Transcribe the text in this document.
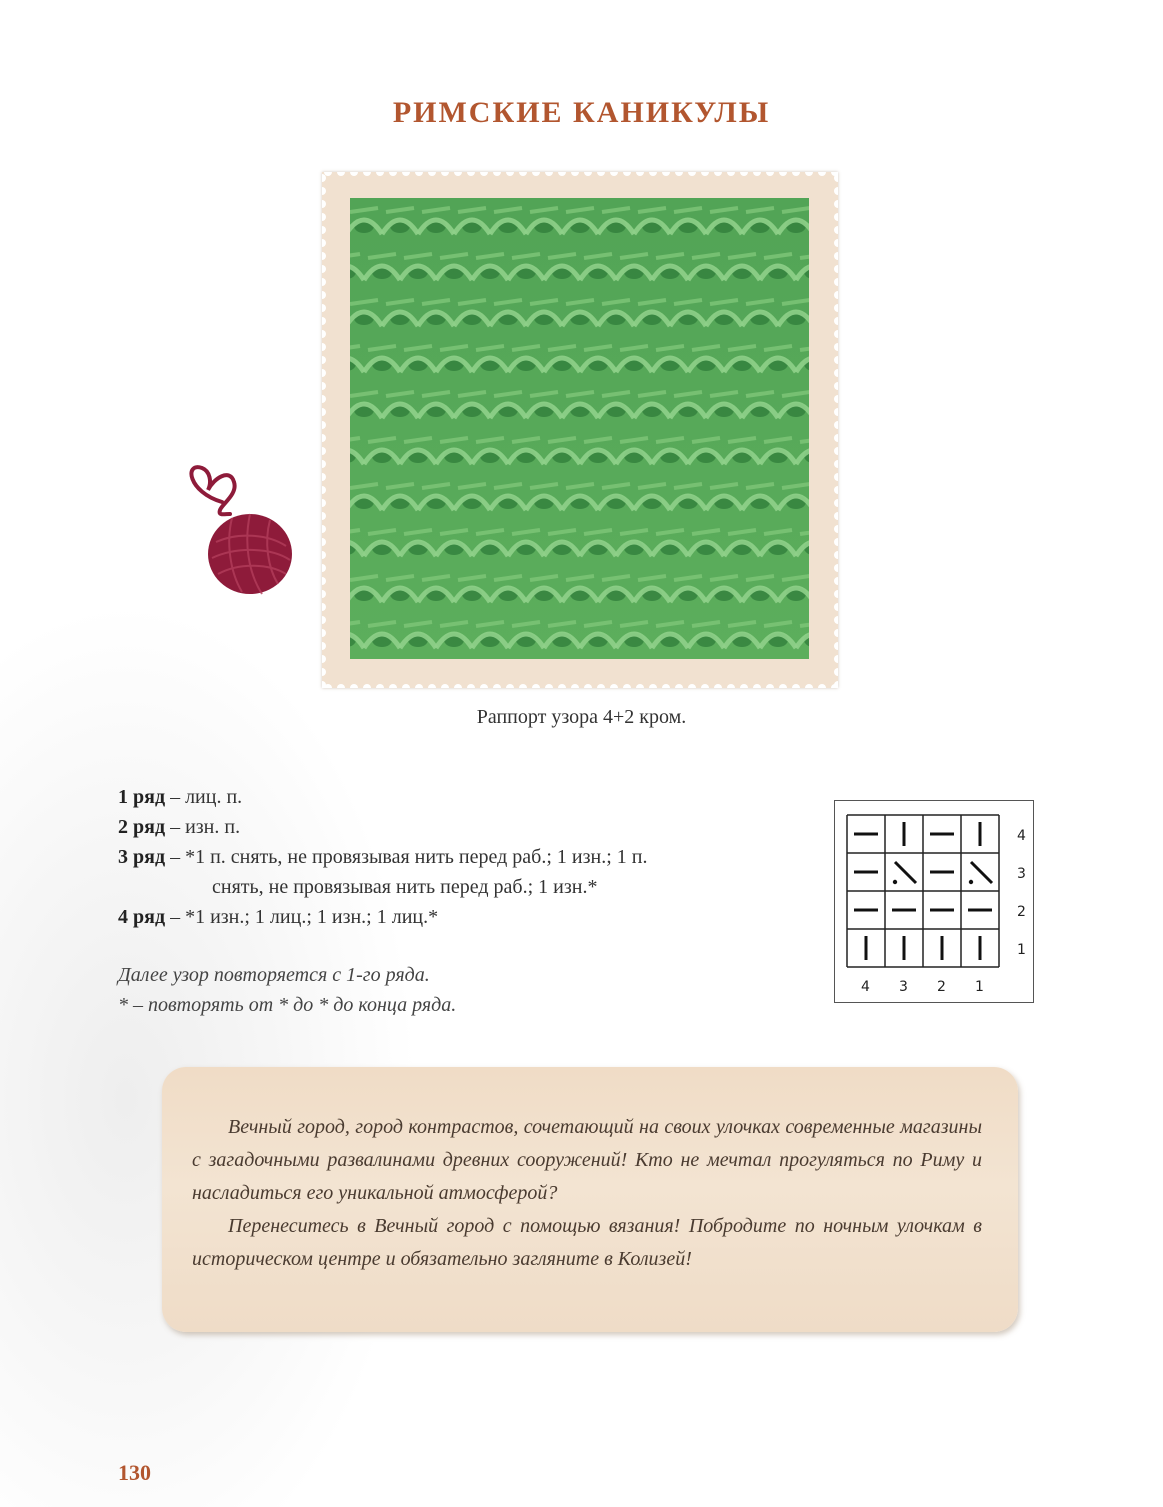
РИМСКИЕ КАНИКУЛЫ
Раппорт узора 4+2 кром.
1 ряд – лиц. п.
2 ряд – изн. п.
3 ряд – *1 п. снять, не провязывая нить перед раб.; 1 изн.; 1 п.
снять, не провязывая нить перед раб.; 1 изн.*
4 ряд – *1 изн.; 1 лиц.; 1 изн.; 1 лиц.*
Далее узор повторяется с 1-го ряда.
* – повторять от * до * до конца ряда.
4
3
2
1
4 3 2 1

Вечный город, город контрастов, сочетающий на своих улочках современные магазины с загадочными развалинами древних сооружений! Кто не мечтал прогуляться по Риму и насладиться его уникальной атмосферой?

Перенеситесь в Вечный город с помощью вязания! Побродите по ночным улочкам в историческом центре и обязательно загляните в Колизей!

130
